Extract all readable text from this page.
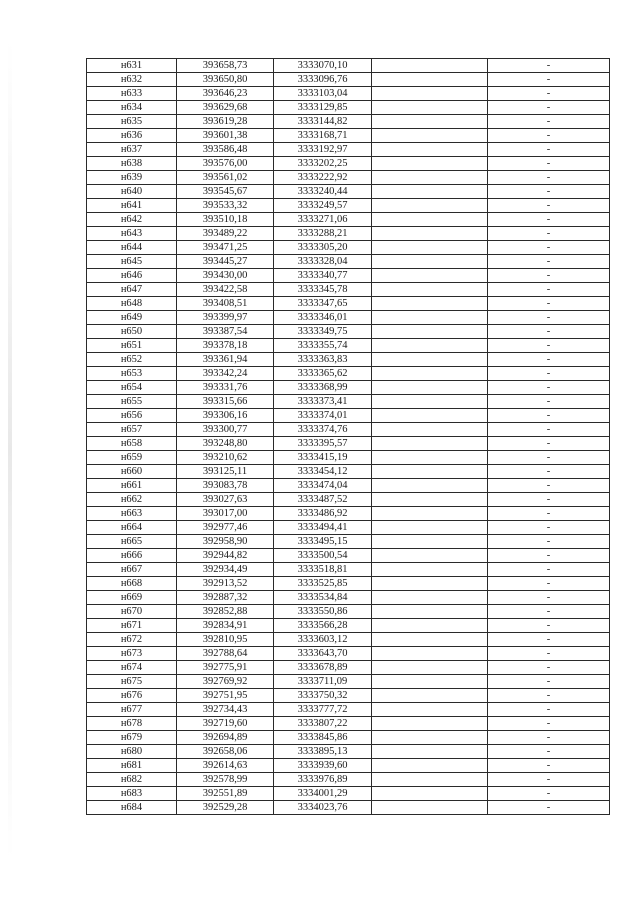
н631	393658,73	3333070,10		-
н632	393650,80	3333096,76		-
н633	393646,23	3333103,04		-
н634	393629,68	3333129,85		-
н635	393619,28	3333144,82		-
н636	393601,38	3333168,71		-
н637	393586,48	3333192,97		-
н638	393576,00	3333202,25		-
н639	393561,02	3333222,92		-
н640	393545,67	3333240,44		-
н641	393533,32	3333249,57		-
н642	393510,18	3333271,06		-
н643	393489,22	3333288,21		-
н644	393471,25	3333305,20		-
н645	393445,27	3333328,04		-
н646	393430,00	3333340,77		-
н647	393422,58	3333345,78		-
н648	393408,51	3333347,65		-
н649	393399,97	3333346,01		-
н650	393387,54	3333349,75		-
н651	393378,18	3333355,74		-
н652	393361,94	3333363,83		-
н653	393342,24	3333365,62		-
н654	393331,76	3333368,99		-
н655	393315,66	3333373,41		-
н656	393306,16	3333374,01		-
н657	393300,77	3333374,76		-
н658	393248,80	3333395,57		-
н659	393210,62	3333415,19		-
н660	393125,11	3333454,12		-
н661	393083,78	3333474,04		-
н662	393027,63	3333487,52		-
н663	393017,00	3333486,92		-
н664	392977,46	3333494,41		-
н665	392958,90	3333495,15		-
н666	392944,82	3333500,54		-
н667	392934,49	3333518,81		-
н668	392913,52	3333525,85		-
н669	392887,32	3333534,84		-
н670	392852,88	3333550,86		-
н671	392834,91	3333566,28		-
н672	392810,95	3333603,12		-
н673	392788,64	3333643,70		-
н674	392775,91	3333678,89		-
н675	392769,92	3333711,09		-
н676	392751,95	3333750,32		-
н677	392734,43	3333777,72		-
н678	392719,60	3333807,22		-
н679	392694,89	3333845,86		-
н680	392658,06	3333895,13		-
н681	392614,63	3333939,60		-
н682	392578,99	3333976,89		-
н683	392551,89	3334001,29		-
н684	392529,28	3334023,76		-
